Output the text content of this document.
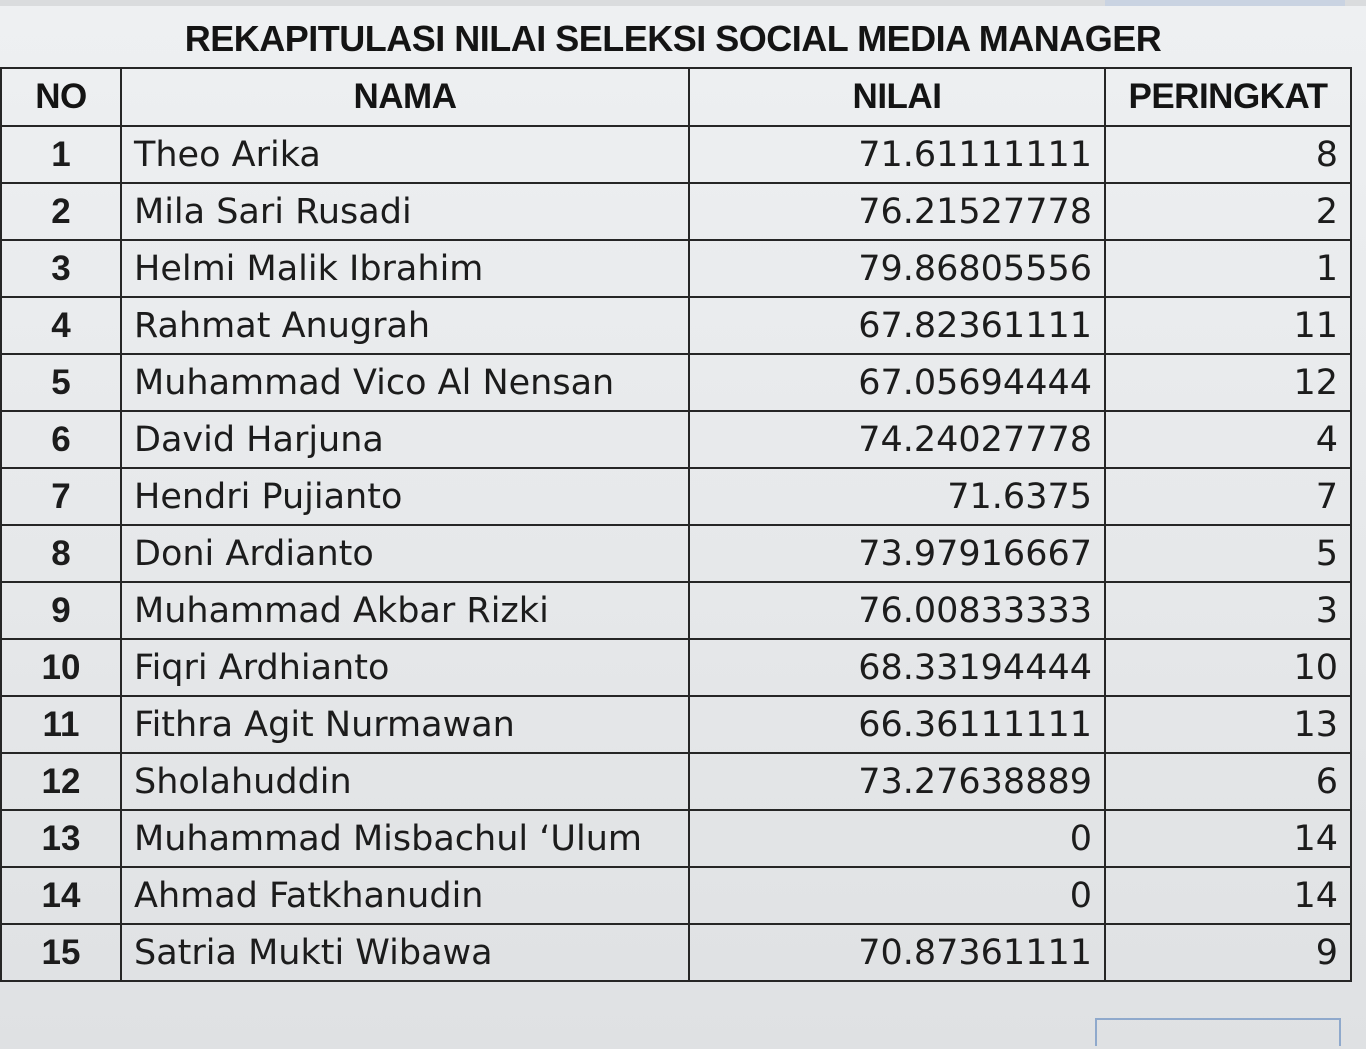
REKAPITULASI NILAI SELEKSI SOCIAL MEDIA MANAGER
NO	NAMA	NILAI	PERINGKAT
1	Theo Arika	71.61111111	8
2	Mila Sari Rusadi	76.21527778	2
3	Helmi Malik Ibrahim	79.86805556	1
4	Rahmat Anugrah	67.82361111	11
5	Muhammad Vico Al Nensan	67.05694444	12
6	David Harjuna	74.24027778	4
7	Hendri Pujianto	71.6375	7
8	Doni Ardianto	73.97916667	5
9	Muhammad Akbar Rizki	76.00833333	3
10	Fiqri Ardhianto	68.33194444	10
11	Fithra Agit Nurmawan	66.36111111	13
12	Sholahuddin	73.27638889	6
13	Muhammad Misbachul ‘Ulum	0	14
14	Ahmad Fatkhanudin	0	14
15	Satria Mukti Wibawa	70.87361111	9
